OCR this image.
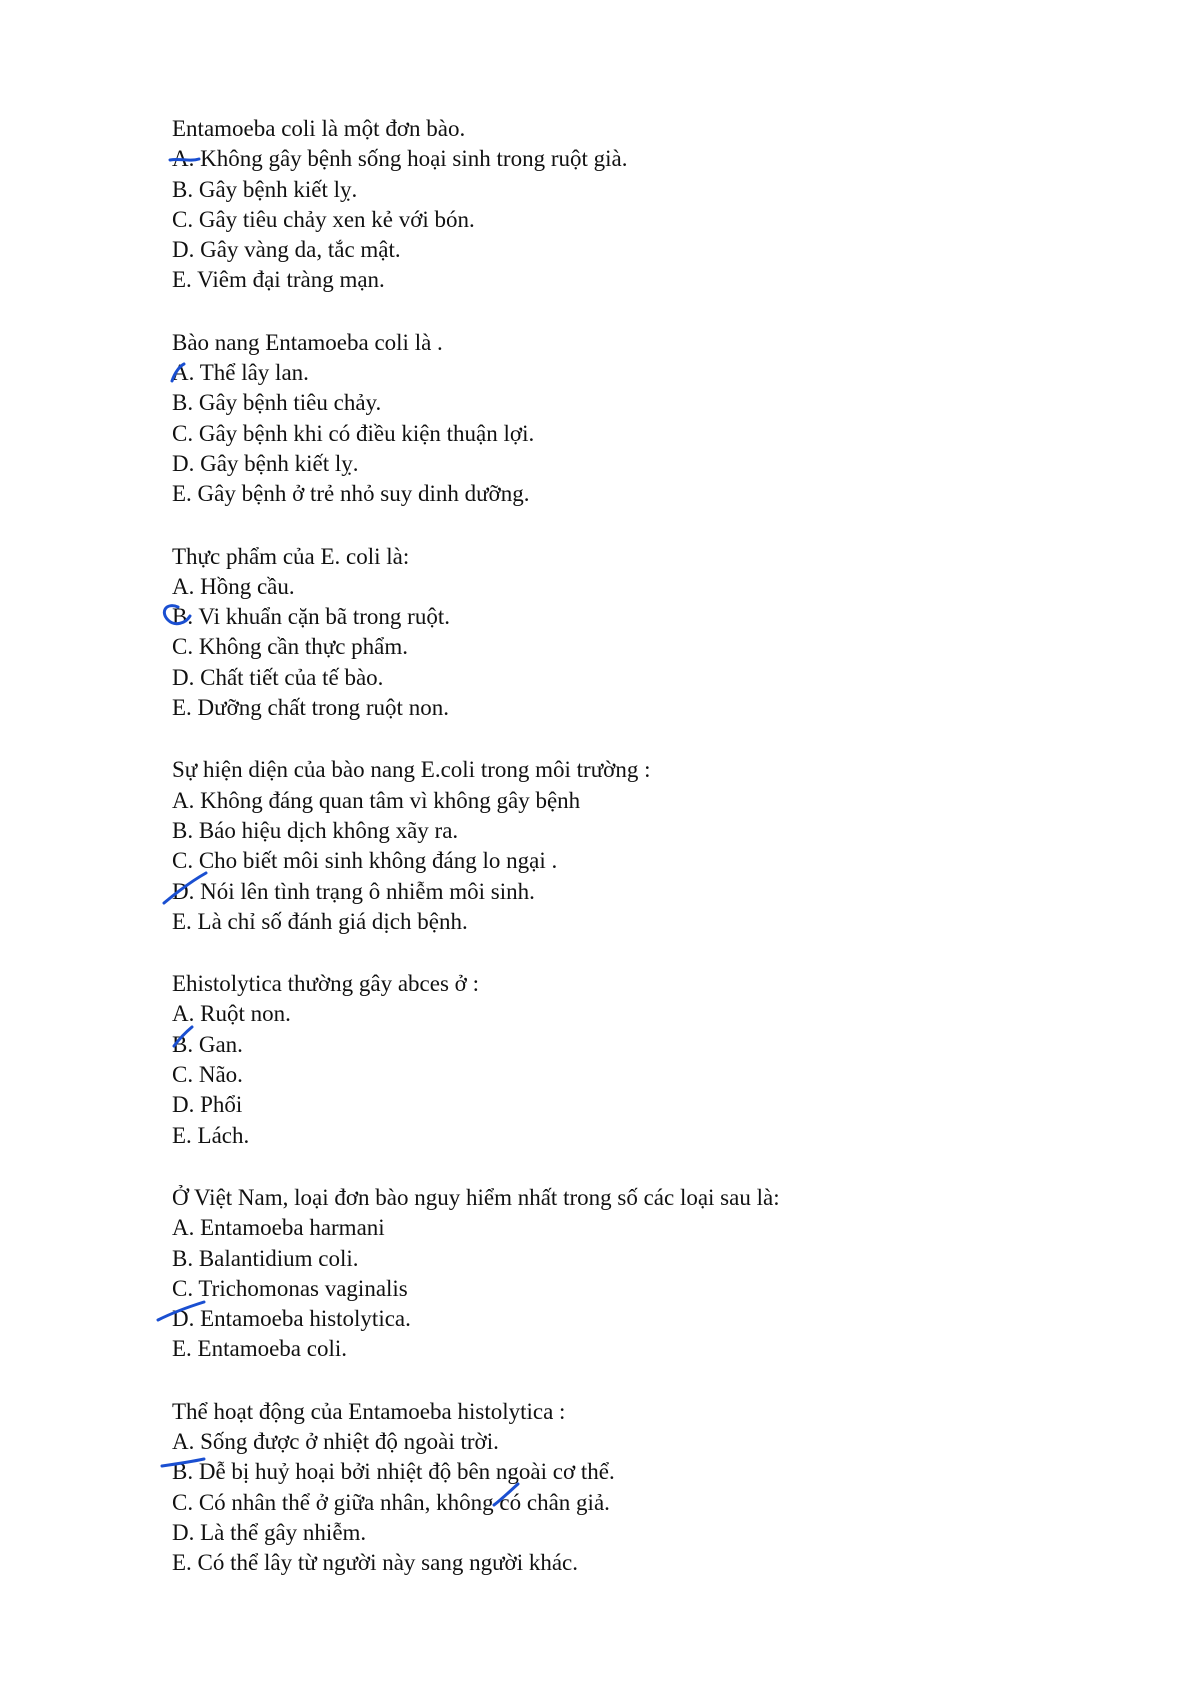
Entamoeba coli là một đơn bào.
A. Không gây bệnh sống hoại sinh trong ruột già.
B. Gây bệnh kiết lỵ.
C. Gây tiêu chảy xen kẻ với bón.
D. Gây vàng da, tắc mật.
E. Viêm đại tràng mạn.
Bào nang Entamoeba coli là .
A. Thể lây lan.
B. Gây bệnh tiêu chảy.
C. Gây bệnh khi có điều kiện thuận lợi.
D. Gây bệnh kiết lỵ.
E. Gây bệnh ở trẻ nhỏ suy dinh dưỡng.
Thực phẩm của E. coli là:
A. Hồng cầu.
B. Vi khuẩn cặn bã trong ruột.
C. Không cần thực phẩm.
D. Chất tiết của tế bào.
E. Dưỡng chất trong ruột non.
Sự hiện diện của bào nang E.coli trong môi trường :
A. Không đáng quan tâm vì không gây bệnh
B. Báo hiệu dịch không xãy ra.
C. Cho biết môi sinh không đáng lo ngại .
D. Nói lên tình trạng ô nhiễm môi sinh.
E. Là chỉ số đánh giá dịch bệnh.
Ehistolytica thường gây abces ở :
A. Ruột non.
B. Gan.
C. Não.
D. Phổi
E. Lách.
Ở Việt Nam, loại đơn bào nguy hiểm nhất trong số các loại sau là:
A. Entamoeba harmani
B. Balantidium coli.
C. Trichomonas vaginalis
D. Entamoeba histolytica.
E. Entamoeba coli.
Thể hoạt động của Entamoeba histolytica :
A. Sống được ở nhiệt độ ngoài trời.
B. Dễ bị huỷ hoại bởi nhiệt độ bên ngoài cơ thể.
C. Có nhân thể ở giữa nhân, không có chân giả.
D. Là thể gây nhiễm.
E. Có thể lây từ người này sang người khác.
